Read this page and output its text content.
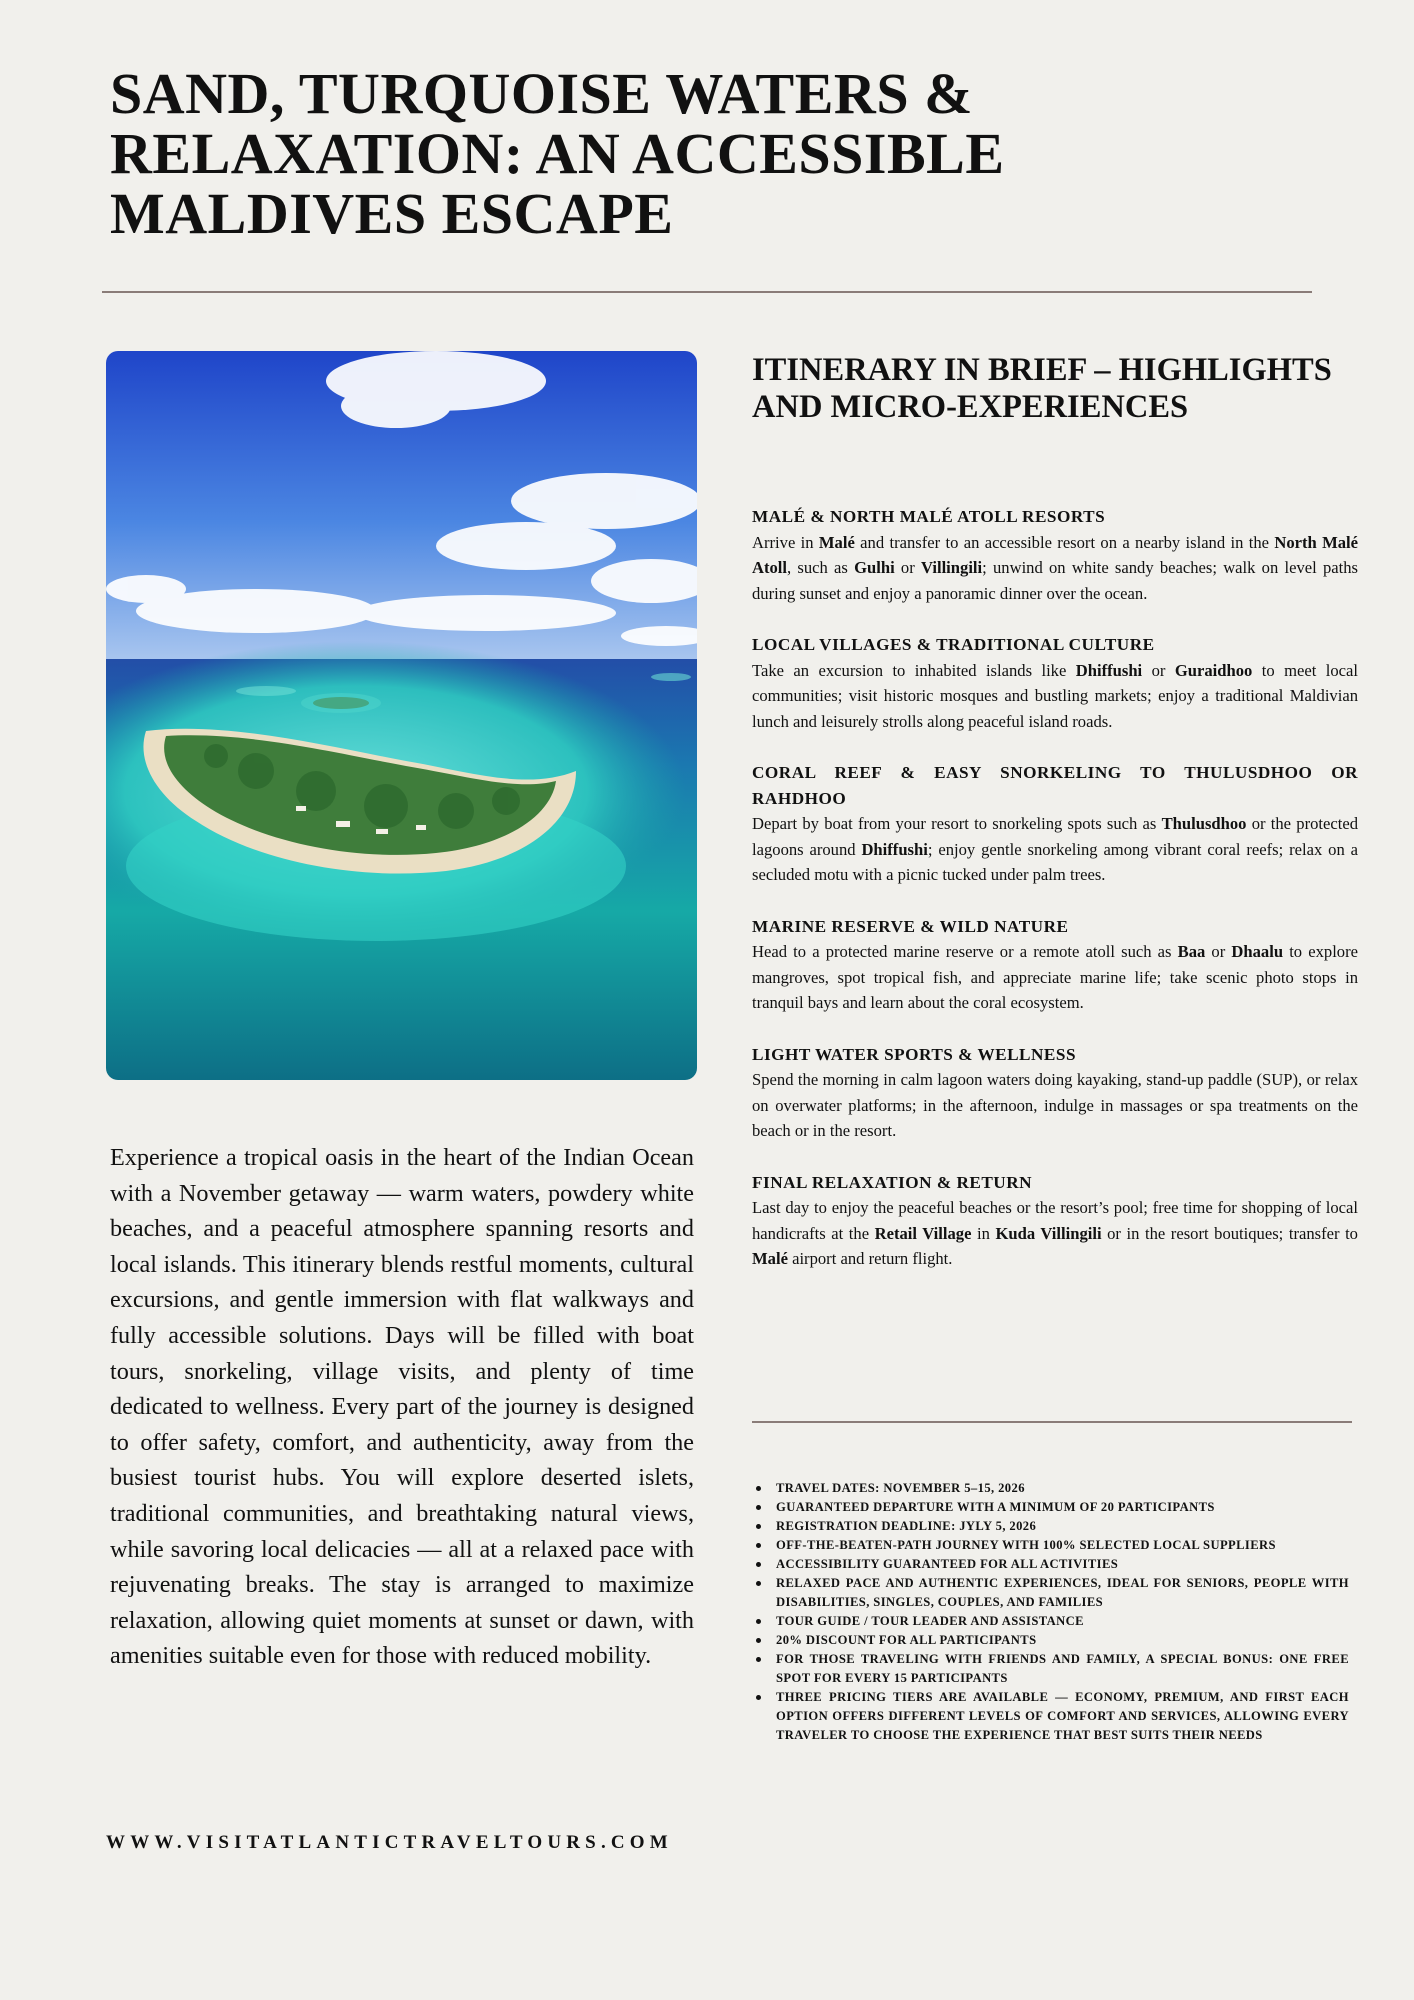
SAND, TURQUOISE WATERS &
RELAXATION: AN ACCESSIBLE
MALDIVES ESCAPE

Experience a tropical oasis in the heart of the Indian Ocean with a November getaway — warm waters, powdery white beaches, and a peaceful atmosphere spanning resorts and local islands. This itinerary blends restful moments, cultural excursions, and gentle immersion with flat walkways and fully accessible solutions. Days will be filled with boat tours, snorkeling, village visits, and plenty of time dedicated to wellness. Every part of the journey is designed to offer safety, comfort, and authenticity, away from the busiest tourist hubs. You will explore deserted islets, traditional communities, and breathtaking natural views, while savoring local delicacies — all at a relaxed pace with rejuvenating breaks. The stay is arranged to maximize relaxation, allowing quiet moments at sunset or dawn, with amenities suitable even for those with reduced mobility.

WWW.VISITATLANTICTRAVELTOURS.COM
ITINERARY IN BRIEF – HIGHLIGHTS AND MICRO-EXPERIENCES
MALÉ & NORTH MALÉ ATOLL RESORTS

Arrive in Malé and transfer to an accessible resort on a nearby island in the North Malé Atoll, such as Gulhi or Villingili; unwind on white sandy beaches; walk on level paths during sunset and enjoy a panoramic dinner over the ocean.

LOCAL VILLAGES & TRADITIONAL CULTURE

Take an excursion to inhabited islands like Dhiffushi or Guraidhoo to meet local communities; visit historic mosques and bustling markets; enjoy a traditional Maldivian lunch and leisurely strolls along peaceful island roads.

CORAL REEF & EASY SNORKELING TO THULUSDHOO OR RAHDHOO

Depart by boat from your resort to snorkeling spots such as Thulusdhoo or the protected lagoons around Dhiffushi; enjoy gentle snorkeling among vibrant coral reefs; relax on a secluded motu with a picnic tucked under palm trees.

MARINE RESERVE & WILD NATURE

Head to a protected marine reserve or a remote atoll such as Baa or Dhaalu to explore mangroves, spot tropical fish, and appreciate marine life; take scenic photo stops in tranquil bays and learn about the coral ecosystem.

LIGHT WATER SPORTS & WELLNESS

Spend the morning in calm lagoon waters doing kayaking, stand-up paddle (SUP), or relax on overwater platforms; in the afternoon, indulge in massages or spa treatments on the beach or in the resort.

FINAL RELAXATION & RETURN

Last day to enjoy the peaceful beaches or the resort’s pool; free time for shopping of local handicrafts at the Retail Village in Kuda Villingili or in the resort boutiques; transfer to Malé airport and return flight.

TRAVEL DATES: NOVEMBER 5–15, 2026
GUARANTEED DEPARTURE WITH A MINIMUM OF 20 PARTICIPANTS
REGISTRATION DEADLINE: JYLY 5, 2026
OFF-THE-BEATEN-PATH JOURNEY WITH 100% SELECTED LOCAL SUPPLIERS
ACCESSIBILITY GUARANTEED FOR ALL ACTIVITIES
RELAXED PACE AND AUTHENTIC EXPERIENCES, IDEAL FOR SENIORS, PEOPLE WITH DISABILITIES, SINGLES, COUPLES, AND FAMILIES
TOUR GUIDE / TOUR LEADER AND ASSISTANCE
20% DISCOUNT FOR ALL PARTICIPANTS
FOR THOSE TRAVELING WITH FRIENDS AND FAMILY, A SPECIAL BONUS: ONE FREE SPOT FOR EVERY 15 PARTICIPANTS
THREE PRICING TIERS ARE AVAILABLE — ECONOMY, PREMIUM, AND FIRST EACH OPTION OFFERS DIFFERENT LEVELS OF COMFORT AND SERVICES, ALLOWING EVERY TRAVELER TO CHOOSE THE EXPERIENCE THAT BEST SUITS THEIR NEEDS
